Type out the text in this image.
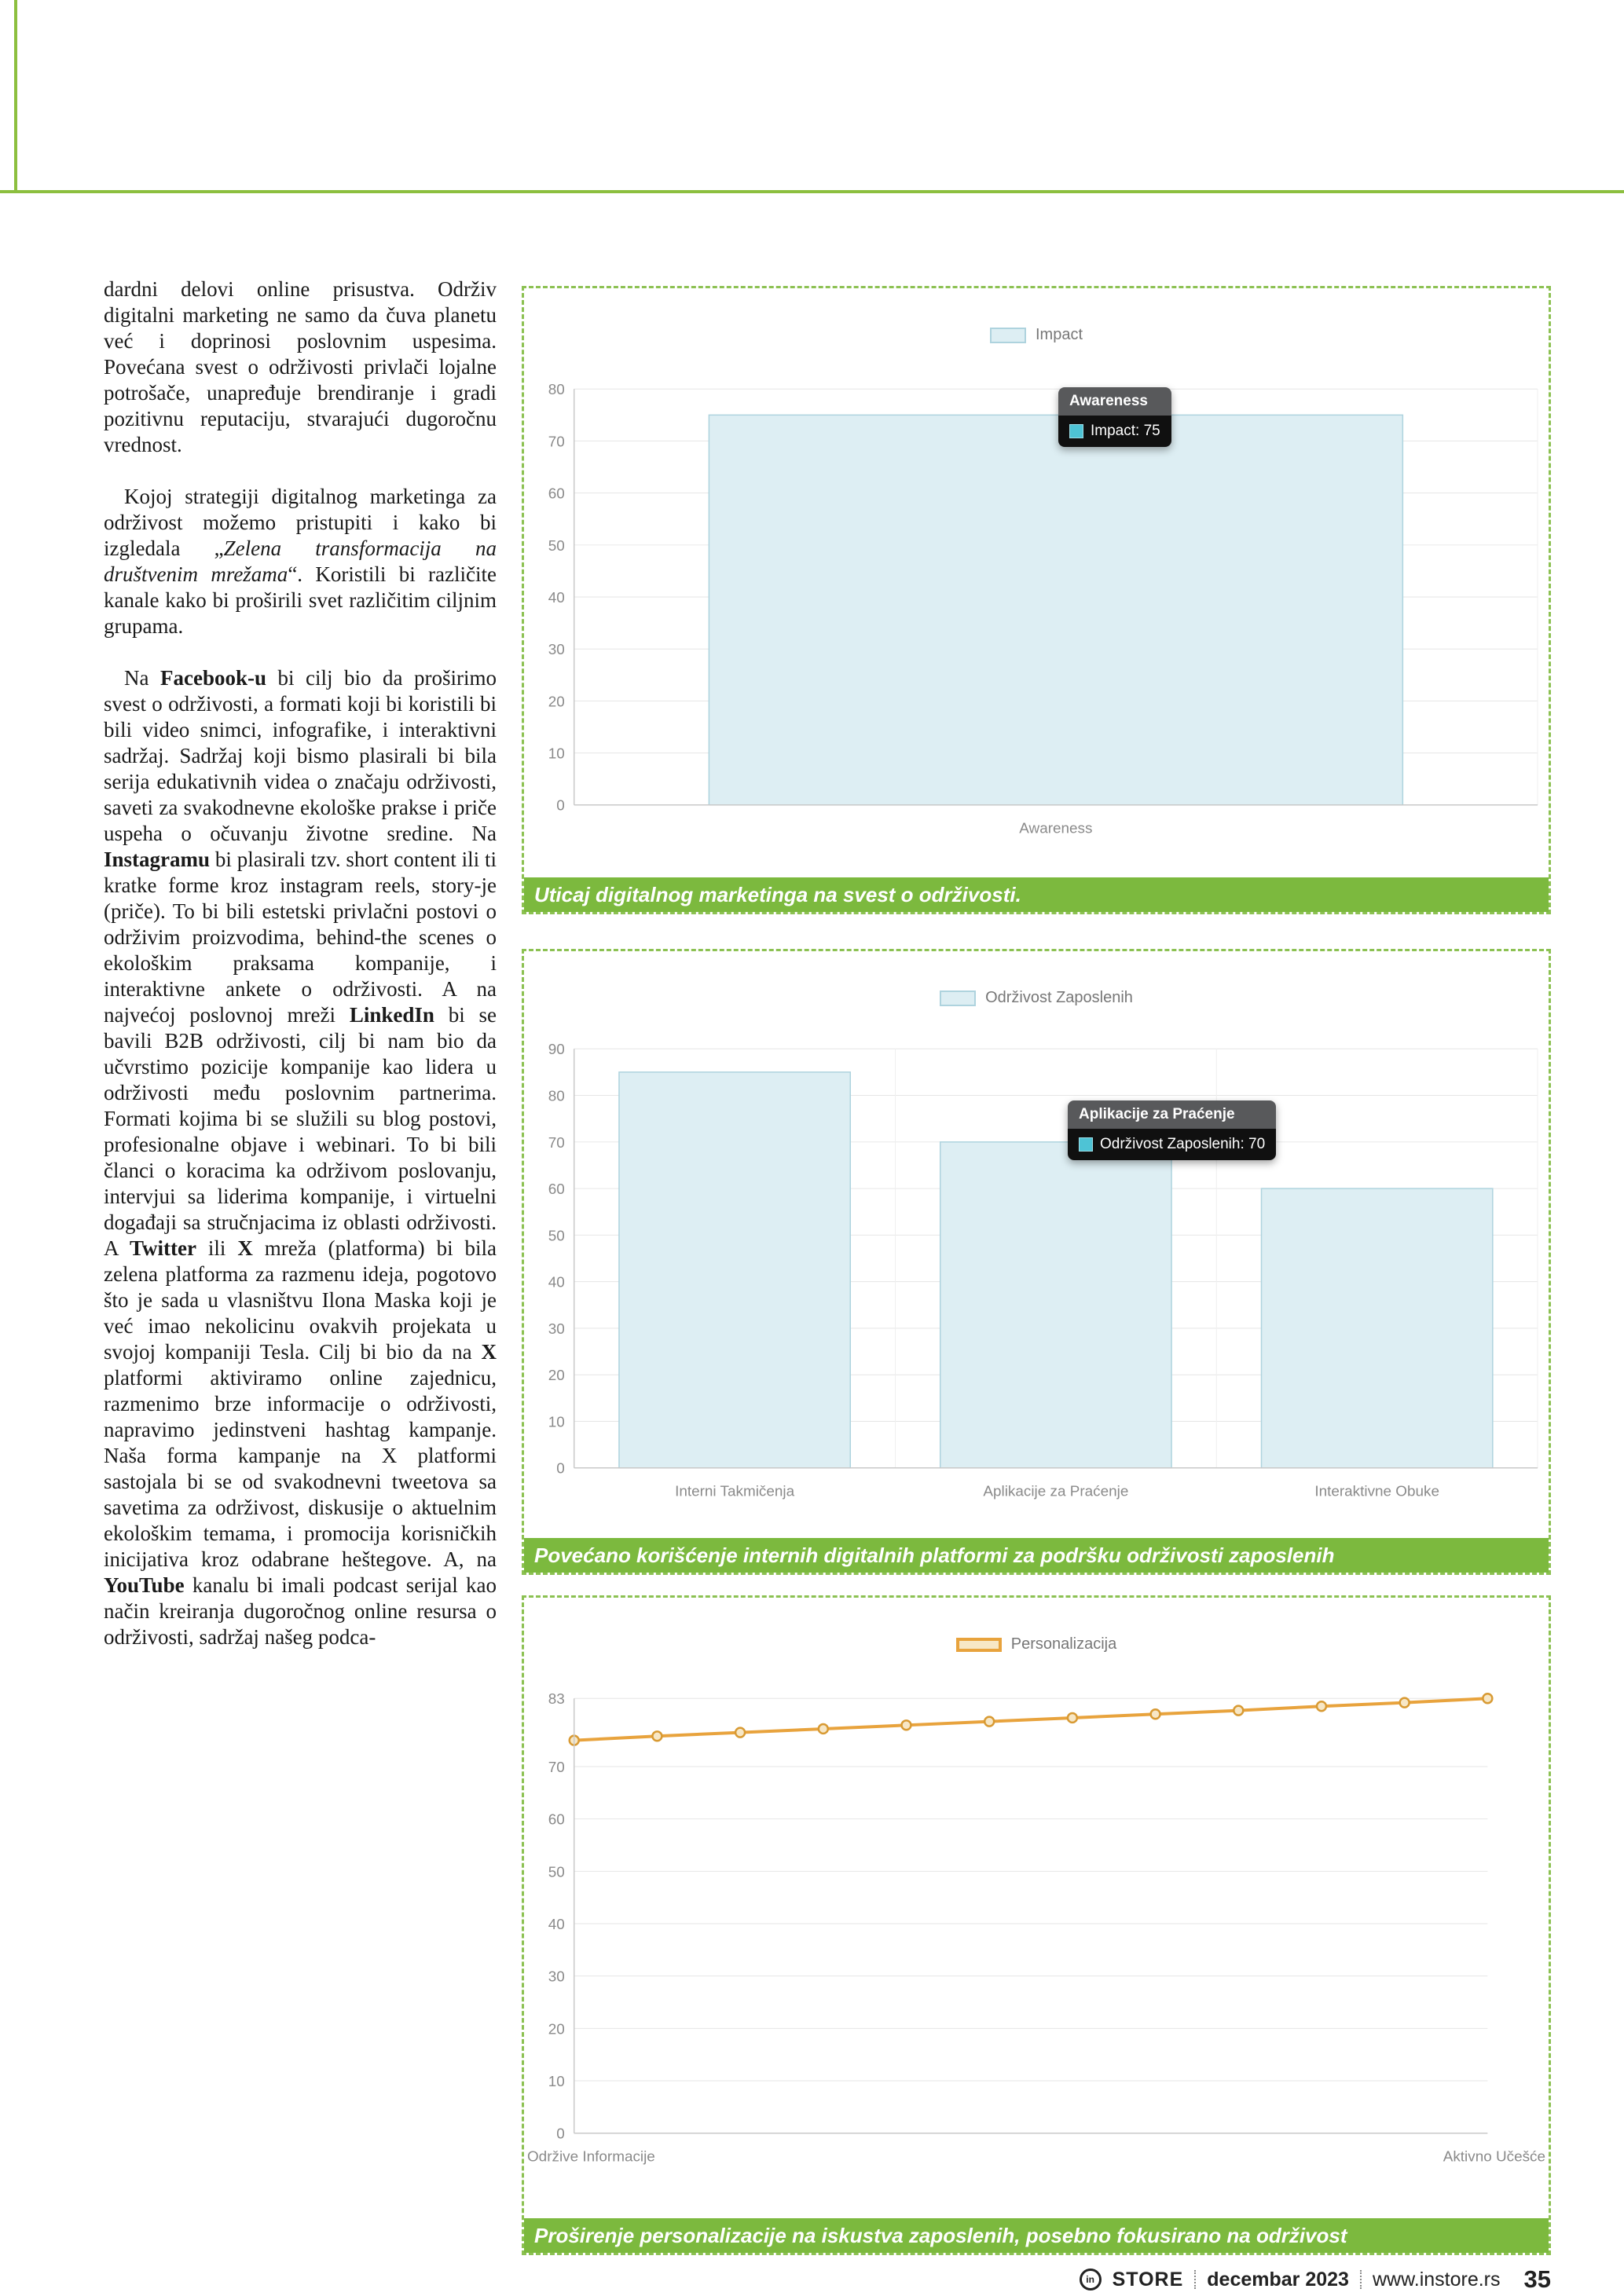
dardni delovi online prisustva. Održiv digitalni marketing ne samo da čuva planetu već i doprinosi poslovnim uspesima. Povećana svest o održivosti privlači lojalne potrošače, unapređuje brendiranje i gradi pozitivnu reputaciju, stvarajući dugoročnu vrednost.

Kojoj strategiji digitalnog marketinga za održivost možemo pristupiti i kako bi izgledala „Zelena transformacija na društvenim mrežama“. Koristili bi različite kanale kako bi proširili svet različitim ciljnim grupama.

Na Facebook-u bi cilj bio da proširimo svest o održivosti, a formati koji bi koristili bi bili video snimci, infografike, i interaktivni sadržaj. Sadržaj koji bismo plasirali bi bila serija edukativnih videa o značaju održivosti, saveti za svakodnevne ekološke prakse i priče uspeha o očuvanju životne sredine. Na Instagramu bi plasirali tzv. short content ili ti kratke forme kroz instagram reels, story-je (priče). To bi bili estetski privlačni postovi o održivim proizvodima, behind-the scenes o ekološkim praksama kompanije, i interaktivne ankete o održivosti. A na najvećoj poslovnoj mreži LinkedIn bi se bavili B2B održivosti, cilj bi nam bio da učvrstimo pozicije kompanije kao lidera u održivosti među poslovnim partnerima. Formati kojima bi se služili su blog postovi, profesionalne objave i webinari. To bi bili članci o koracima ka održivom poslovanju, intervjui sa liderima kompanije, i virtuelni događaji sa stručnjacima iz oblasti održivosti. A Twitter ili X mreža (platforma) bi bila zelena platforma za razmenu ideja, pogotovo što je sada u vlasništvu Ilona Maska koji je već imao nekolicinu ovakvih projekata u svojoj kompaniji Tesla. Cilj bi bio da na X platformi aktiviramo online zajednicu, razmenimo brze informacije o održivosti, napravimo jedinstveni hashtag kampanje. Naša forma kampanje na X platformi sastojala bi se od svakodnevni tweetova sa savetima za održivost, diskusije o aktuelnim ekološkim temama, i promocija korisničkih inicijativa kroz odabrane heštegove. A, na YouTube kanalu bi imali podcast serijal kao način kreiranja dugoročnog online resursa o održivosti, sadržaj našeg podca-

Impact
0
10
20
30
40
50
60
70
80
Awareness
Awareness
Impact: 75
Uticaj digitalnog marketinga na svest o održivosti.
Održivost Zaposlenih
0
10
20
30
40
50
60
70
80
90
Interni Takmičenja	Aplikacije za Praćenje	Interaktivne Obuke
Aplikacije za Praćenje
Održivost Zaposlenih: 70
Povećano korišćenje internih digitalnih platformi za podršku održivosti zaposlenih
Personalizacija
0
10
20
30
40
50
60
70
83
Održive Informacije	Aktivno Učešće
Proširenje personalizacije na iskustva zaposlenih, posebno fokusirano na održivost
in STORE decembar 2023 www.instore.rs 35
